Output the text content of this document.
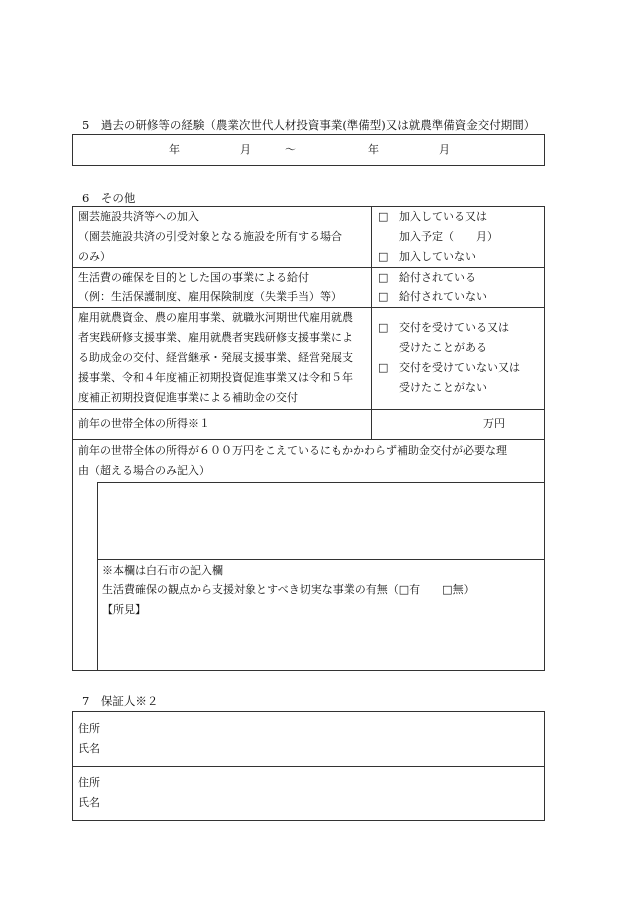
5　過去の研修等の経験（農業次世代人材投資事業(準備型)又は就農準備資金交付期間）
年	月	～	年	月
6　その他
園芸施設共済等への加入
（園芸施設共済の引受対象となる施設を所有する場合
のみ）
□ 加入している又は
加入予定（　　月）
□ 加入していない
生活費の確保を目的とした国の事業による給付
（例：生活保護制度、雇用保険制度（失業手当）等）
□ 給付されている
□ 給付されていない
雇用就農資金、農の雇用事業、就職氷河期世代雇用就農
者実践研修支援事業、雇用就農者実践研修支援事業によ
る助成金の交付、経営継承・発展支援事業、経営発展支
援事業、令和４年度補正初期投資促進事業又は令和５年
度補正初期投資促進事業による補助金の交付
□ 交付を受けている又は
受けたことがある
□ 交付を受けていない又は
受けたことがない
前年の世帯全体の所得※１	万円
前年の世帯全体の所得が６００万円をこえているにもかかわらず補助金交付が必要な理
由（超える場合のみ記入）
※本欄は白石市の記入欄
生活費確保の観点から支援対象とすべき切実な事業の有無（□有　　□無）
【所見】
7　保証人※２
住所
氏名
住所
氏名
